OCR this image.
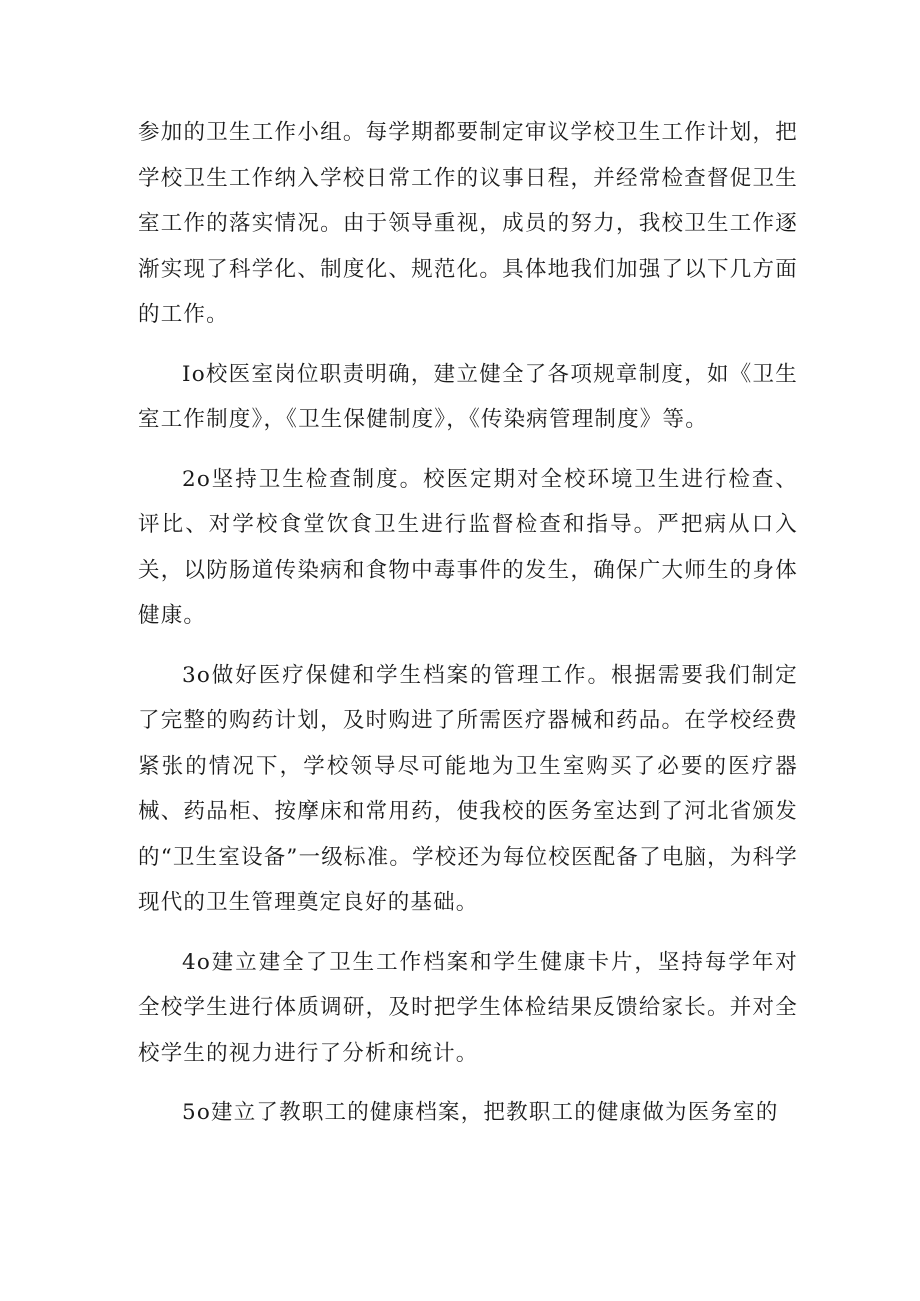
参加的卫生工作小组。每学期都要制定审议学校卫生工作计划，把学校卫生工作纳入学校日常工作的议事日程，并经常检查督促卫生室工作的落实情况。由于领导重视，成员的努力，我校卫生工作逐渐实现了科学化、制度化、规范化。具体地我们加强了以下几方面的工作。

Io校医室岗位职责明确，建立健全了各项规章制度，如《卫生室工作制度》，《卫生保健制度》，《传染病管理制度》等。

2o坚持卫生检查制度。校医定期对全校环境卫生进行检查、评比、对学校食堂饮食卫生进行监督检查和指导。严把病从口入关，以防肠道传染病和食物中毒事件的发生，确保广大师生的身体健康。

3o做好医疗保健和学生档案的管理工作。根据需要我们制定了完整的购药计划，及时购进了所需医疗器械和药品。在学校经费紧张的情况下，学校领导尽可能地为卫生室购买了必要的医疗器械、药品柜、按摩床和常用药，使我校的医务室达到了河北省颁发的“卫生室设备”一级标准。学校还为每位校医配备了电脑，为科学现代的卫生管理奠定良好的基础。

4o建立建全了卫生工作档案和学生健康卡片，坚持每学年对全校学生进行体质调研，及时把学生体检结果反馈给家长。并对全校学生的视力进行了分析和统计。

5o建立了教职工的健康档案，把教职工的健康做为医务室的
